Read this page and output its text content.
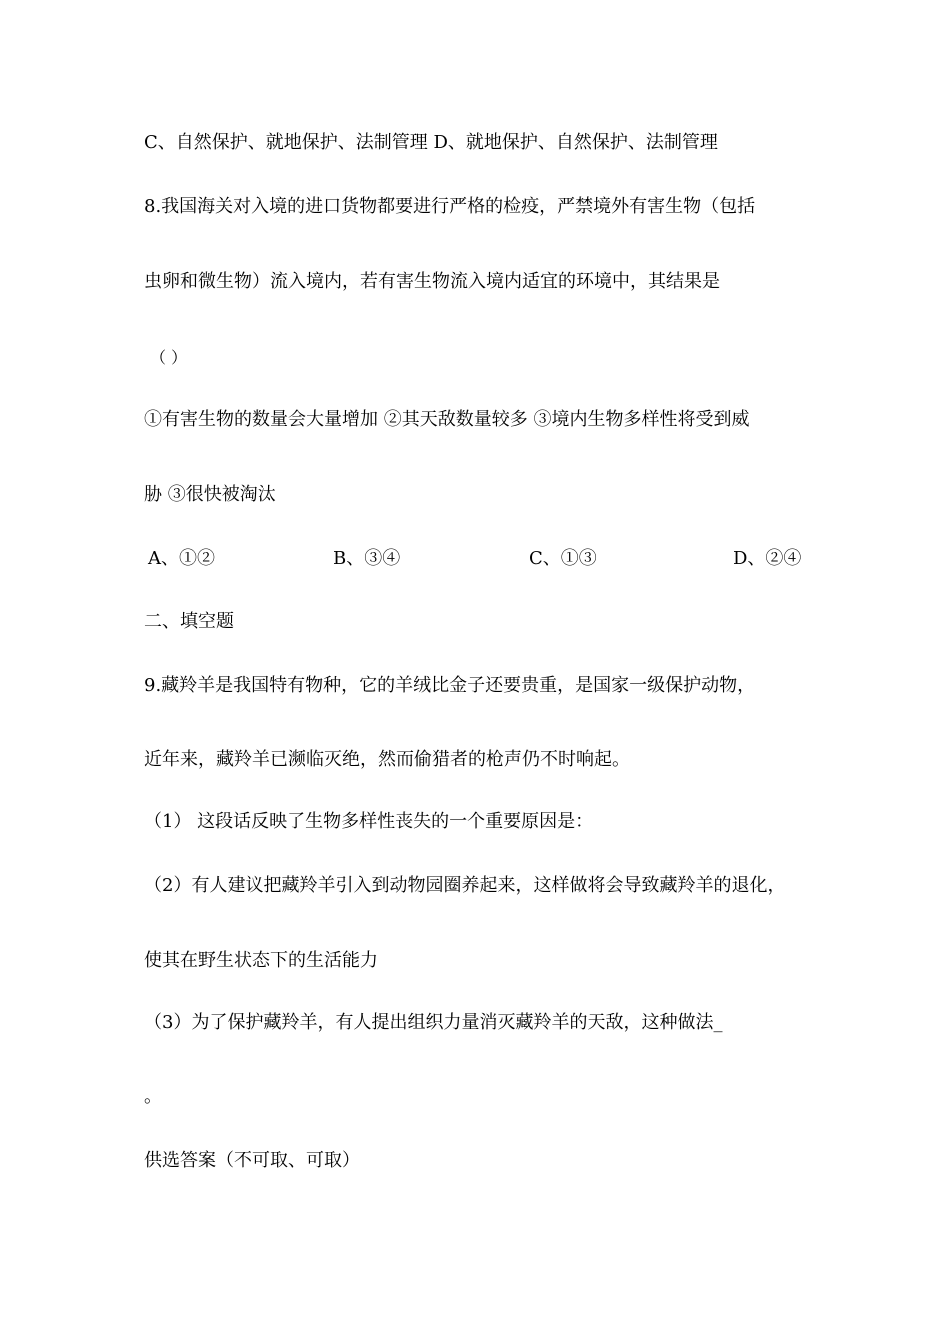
C、自然保护、就地保护、法制管理 D、就地保护、自然保护、法制管理
8.我国海关对入境的进口货物都要进行严格的检疫，严禁境外有害生物（包括
虫卵和微生物）流入境内，若有害生物流入境内适宜的环境中，其结果是
（ ）
①有害生物的数量会大量增加 ②其天敌数量较多 ③境内生物多样性将受到威
胁 ③很快被淘汰
A、①②	B、③④	C、①③	D、②④
二、填空题
9.藏羚羊是我国特有物种，它的羊绒比金子还要贵重，是国家一级保护动物，
近年来，藏羚羊已濒临灭绝，然而偷猎者的枪声仍不时响起。
（1） 这段话反映了生物多样性丧失的一个重要原因是：
（2）有人建议把藏羚羊引入到动物园圈养起来，这样做将会导致藏羚羊的退化，
使其在野生状态下的生活能力
（3）为了保护藏羚羊，有人提出组织力量消灭藏羚羊的天敌，这种做法_
。
供选答案（不可取、可取）
